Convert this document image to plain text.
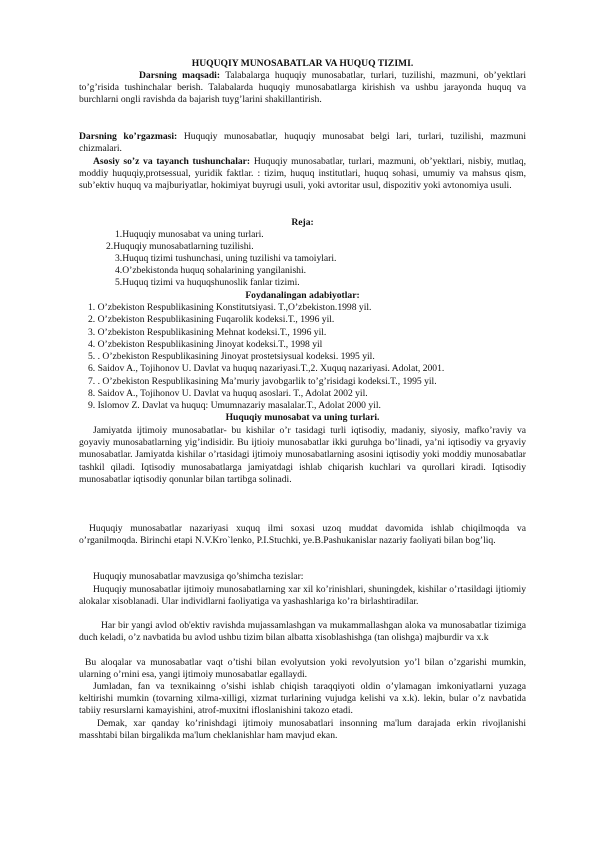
HUQUQIY MUNOSABATLAR VA HUQUQ TIZIMI.
Darsning maqsadi: Talabalarga huquqiy munosabatlar, turlari, tuzilishi, mazmuni, ob’yektlari to’g’risida tushinchalar berish. Talabalarda huquqiy munosabatlarga kirishish va ushbu jarayonda huquq va burchlarni ongli ravishda da bajarish tuyg’larini shakillantirish.
Darsning ko’rgazmasi: Huquqiy munosabatlar, huquqiy munosabat belgi lari, turlari, tuzilishi, mazmuni chizmalari.
Asosiy so’z va tayanch tushunchalar: Huquqiy munosabatlar, turlari, mazmuni, ob’yektlari, nisbiy, mutlaq, moddiy huquqiy,protsessual, yuridik faktlar. : tizim, huquq institutlari, huquq sohasi, umumiy va mahsus qism, sub’ektiv huquq va majburiyatlar, hokimiyat buyrugi usuli, yoki avtoritar usul, dispozitiv yoki avtonomiya usuli.
Reja:
1.Huquqiy munosabat va uning turlari.
2.Huquqiy munosabatlarning tuzilishi.
3.Huquq tizimi tushunchasi, uning tuzilishi va tamoiylari.
4.O’zbekistonda huquq sohalarining yangilanishi.
5.Huquq tizimi va huquqshunoslik fanlar tizimi.
Foydanalingan adabiyotlar:
1. O’zbekiston Respublikasining Konstitutsiyasi. T.,O’zbekiston.1998 yil.
2. O’zbekiston Respublikasining Fuqarolik kodeksi.T., 1996 yil.
3. O’zbekiston Respublikasining Mehnat kodeksi.T., 1996 yil.
4. O’zbekiston Respublikasining Jinoyat kodeksi.T., 1998 yil
5. . O’zbekiston Respublikasining Jinoyat prostetsiysual kodeksi. 1995 yil.
6. Saidov A., Tojihonov U. Davlat va huquq nazariyasi.T.,2. Xuquq nazariyasi. Adolat, 2001.
7. . O’zbekiston Respublikasining Ma’muriy javobgarlik to’g’risidagi kodeksi.T., 1995 yil.
8. Saidov A., Tojihonov U. Davlat va huquq asoslari. T., Adolat 2002 yil.
9. Islomov Z. Davlat va huquq: Umumnazariy masalalar.T., Adolat 2000 yil.
Huquqiy munosabat va uning turlari.
Jamiyatda ijtimoiy munosabatlar- bu kishilar o’r tasidagi turli iqtisodiy, madaniy, siyosiy, mafko’raviy va goyaviy munosabatlarning yig’indisidir. Bu ijtioiy munosabatlar ikki guruhga bo’linadi, ya’ni iqtisodiy va gryaviy munosabatlar. Jamiyatda kishilar o’rtasidagi ijtimoiy munosabatlarning asosini iqtisodiy yoki moddiy munosabatlar tashkil qiladi. Iqtisodiy munosabatlarga jamiyatdagi ishlab chiqarish kuchlari va qurollari kiradi. Iqtisodiy munosabatlar iqtisodiy qonunlar bilan tartibga solinadi.
Huquqiy munosabatlar nazariyasi xuquq ilmi soxasi uzoq muddat davomida ishlab chiqilmoqda va o’rganilmoqda. Birinchi etapi N.V.Kro`lenko, P.I.Stuchki, ye.B.Pashukanislar nazariy faoliyati bilan bog’liq.
Huquqiy munosabatlar mavzusiga qo’shimcha tezislar:
Huquqiy munosabatlar ijtimoiy munosabatlarning xar xil ko’rinishlari, shuningdek, kishilar o’rtasildagi ijtiomiy alokalar xisoblanadi. Ular individlarni faoliyatiga va yashashlariga ko’ra birlashtiradilar.
Har bir yangi avlod ob'ektiv ravishda mujassamlashgan va mukammallashgan aloka va munosabatlar tizimiga duch keladi, o’z navbatida bu avlod ushbu tizim bilan albatta xisoblashishga (tan olishga) majburdir va x.k
Bu aloqalar va munosabatlar vaqt o’tishi bilan evolyutsion yoki revolyutsion yo’l bilan o’zgarishi mumkin, ularning o’rnini esa, yangi ijtimoiy munosabatlar egallaydi.
Jumladan, fan va texnikainng o’sishi ishlab chiqish taraqqiyoti oldin o’ylamagan imkoniyatlarni yuzaga keltirishi mumkin (tovarning xilma-xilligi, xizmat turlarining vujudga kelishi va x.k). lekin, bular o’z navbatida tabiiy resurslarni kamayishini, atrof-muxitni ifloslanishini takozo etadi.
Demak, xar qanday ko’rinishdagi ijtimoiy munosabatlari insonning ma'lum darajada erkin rivojlanishi masshtabi bilan birgalikda ma'lum cheklanishlar ham mavjud ekan.
